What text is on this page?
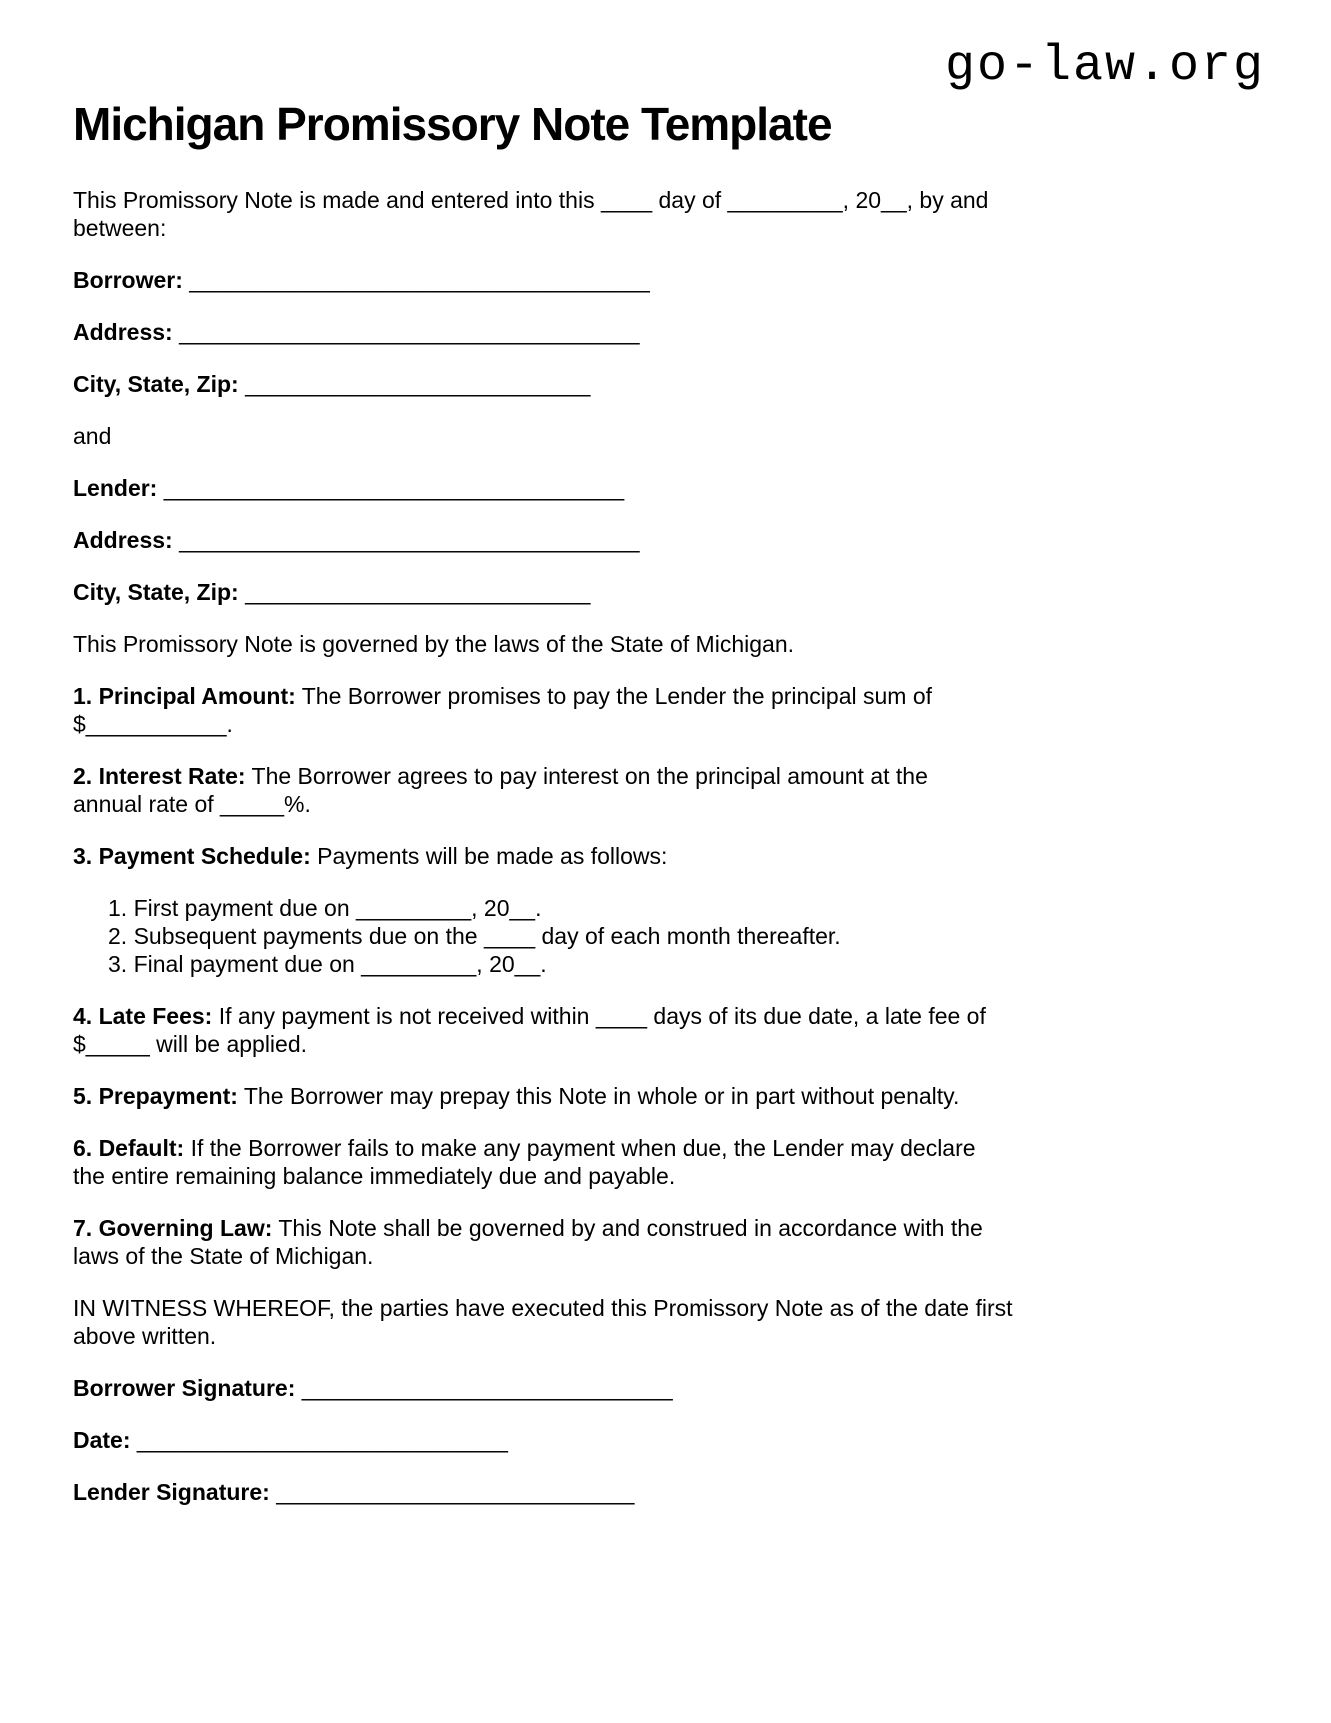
go-law.org
Michigan Promissory Note Template

This Promissory Note is made and entered into this ____ day of _________, 20__, by and
between:

Borrower: ____________________________________

Address: ____________________________________

City, State, Zip: ___________________________

and

Lender: ____________________________________

Address: ____________________________________

City, State, Zip: ___________________________

This Promissory Note is governed by the laws of the State of Michigan.

1. Principal Amount: The Borrower promises to pay the Lender the principal sum of
$___________.

2. Interest Rate: The Borrower agrees to pay interest on the principal amount at the
annual rate of _____%.

3. Payment Schedule: Payments will be made as follows:

1. First payment due on _________, 20__.
2. Subsequent payments due on the ____ day of each month thereafter.
3. Final payment due on _________, 20__.

4. Late Fees: If any payment is not received within ____ days of its due date, a late fee of
$_____ will be applied.

5. Prepayment: The Borrower may prepay this Note in whole or in part without penalty.

6. Default: If the Borrower fails to make any payment when due, the Lender may declare
the entire remaining balance immediately due and payable.

7. Governing Law: This Note shall be governed by and construed in accordance with the
laws of the State of Michigan.

IN WITNESS WHEREOF, the parties have executed this Promissory Note as of the date first
above written.

Borrower Signature: _____________________________

Date: _____________________________

Lender Signature: ____________________________
